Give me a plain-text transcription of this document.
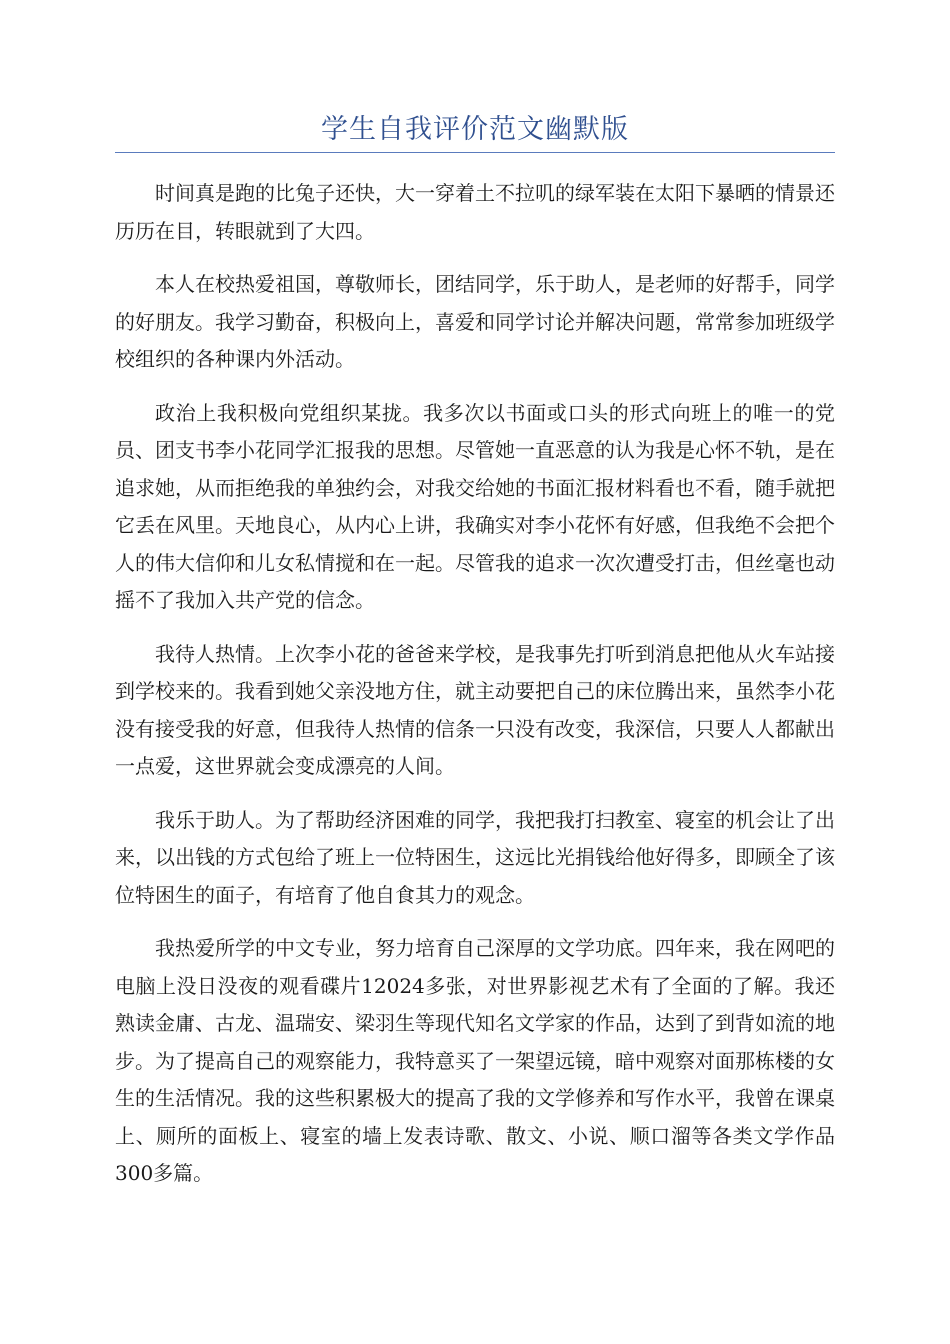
学生自我评价范文幽默版

时间真是跑的比兔子还快，大一穿着土不拉叽的绿军装在太阳下暴晒的情景还历历在目，转眼就到了大四。

本人在校热爱祖国，尊敬师长，团结同学，乐于助人，是老师的好帮手，同学的好朋友。我学习勤奋，积极向上，喜爱和同学讨论并解决问题，常常参加班级学校组织的各种课内外活动。

政治上我积极向党组织某拢。我多次以书面或口头的形式向班上的唯一的党员、团支书李小花同学汇报我的思想。尽管她一直恶意的认为我是心怀不轨，是在追求她，从而拒绝我的单独约会，对我交给她的书面汇报材料看也不看，随手就把它丢在风里。天地良心，从内心上讲，我确实对李小花怀有好感，但我绝不会把个人的伟大信仰和儿女私情搅和在一起。尽管我的追求一次次遭受打击，但丝毫也动摇不了我加入共产党的信念。

我待人热情。上次李小花的爸爸来学校，是我事先打听到消息把他从火车站接到学校来的。我看到她父亲没地方住，就主动要把自己的床位腾出来，虽然李小花没有接受我的好意，但我待人热情的信条一只没有改变，我深信，只要人人都献出一点爱，这世界就会变成漂亮的人间。

我乐于助人。为了帮助经济困难的同学，我把我打扫教室、寝室的机会让了出来，以出钱的方式包给了班上一位特困生，这远比光捐钱给他好得多，即顾全了该位特困生的面子，有培育了他自食其力的观念。

我热爱所学的中文专业，努力培育自己深厚的文学功底。四年来，我在网吧的电脑上没日没夜的观看碟片12024多张，对世界影视艺术有了全面的了解。我还熟读金庸、古龙、温瑞安、梁羽生等现代知名文学家的作品，达到了到背如流的地步。为了提高自己的观察能力，我特意买了一架望远镜，暗中观察对面那栋楼的女生的生活情况。我的这些积累极大的提高了我的文学修养和写作水平，我曾在课桌上、厕所的面板上、寝室的墙上发表诗歌、散文、小说、顺口溜等各类文学作品300多篇。
